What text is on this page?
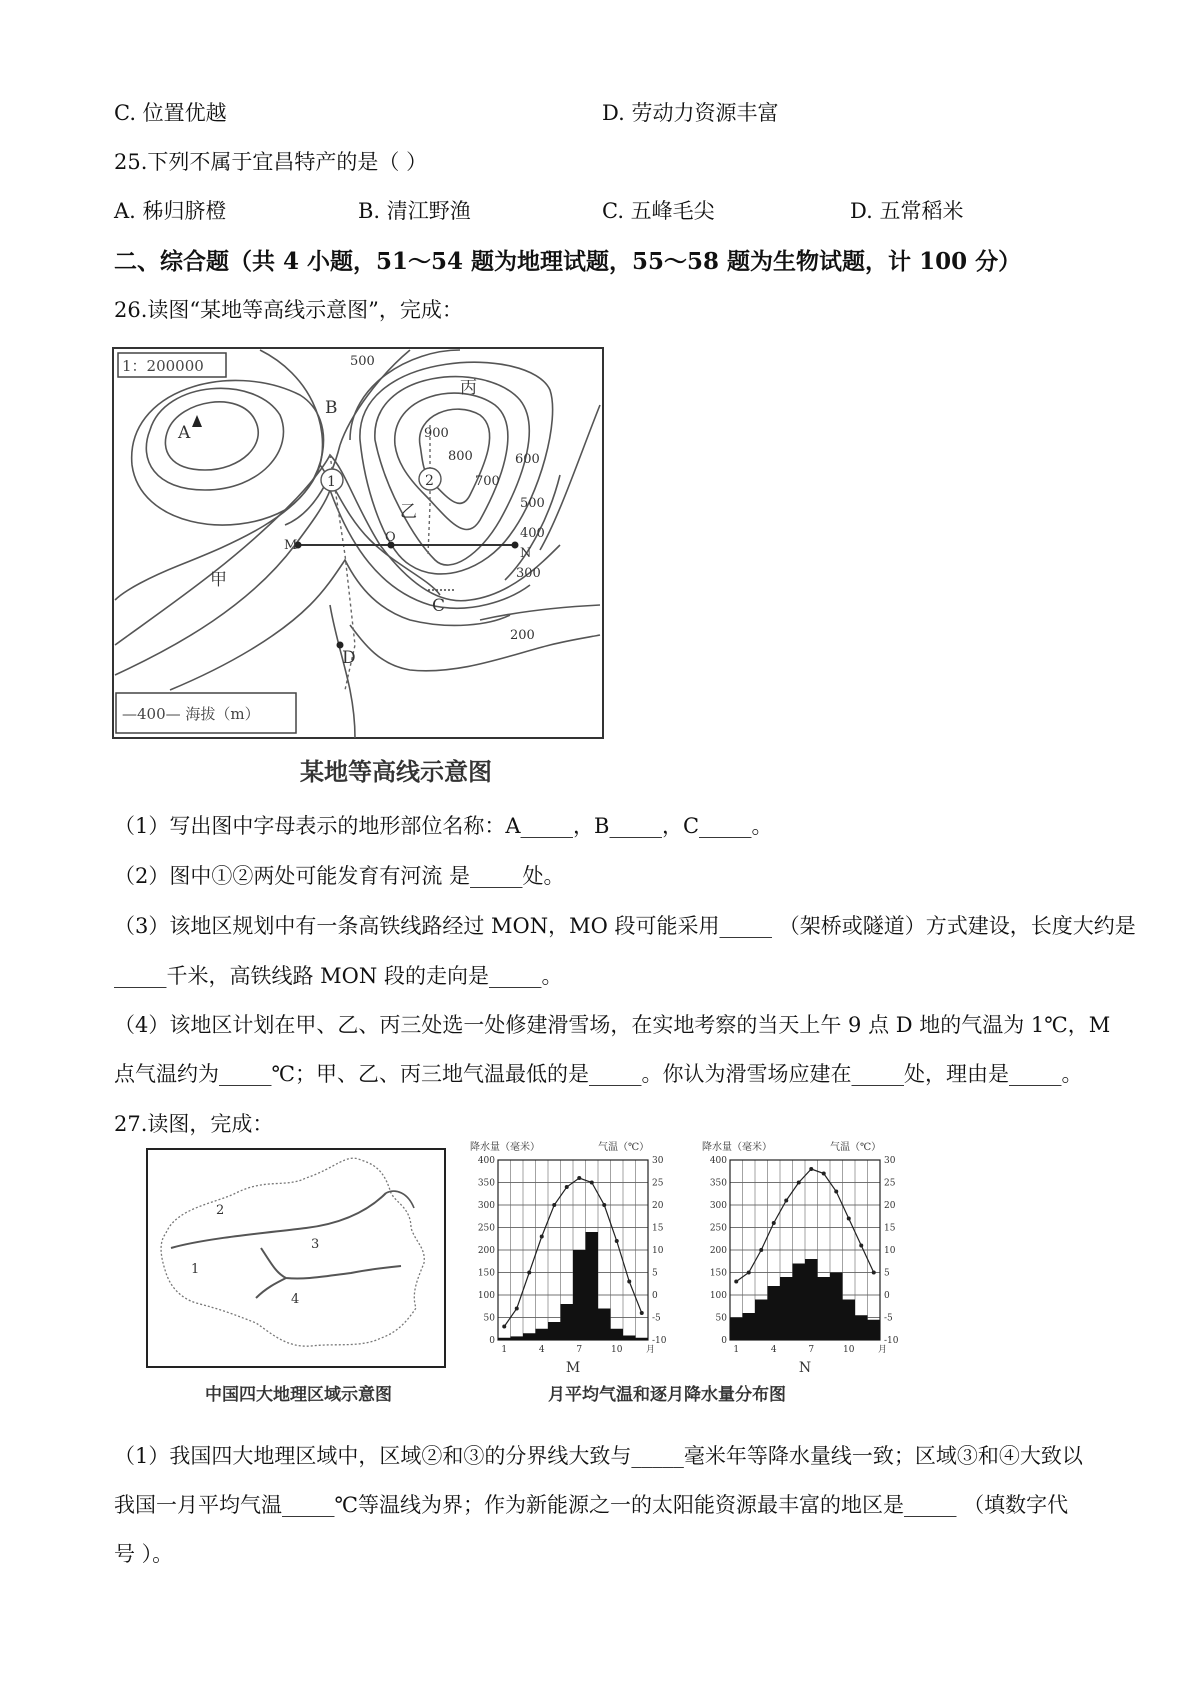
C. 位置优越	D. 劳动力资源丰富
25.下列不属于宜昌特产的是（ ）
A. 秭归脐橙	B. 清江野渔	C. 五峰毛尖	D. 五常稻米
二、综合题（共 4 小题，51～54 题为地理试题，55～58 题为生物试题，计 100 分）
26.读图“某地等高线示意图”，完成：
1：200000
—400— 海拔（m）
A
B
C
D
M
O
N
甲
乙
丙
1	2
500
900
800
700
600
500
400
300
200
某地等高线示意图
（1）写出图中字母表示的地形部位名称：A_____，B_____，C_____。
（2）图中①②两处可能发育有河流 是_____处。
（3）该地区规划中有一条高铁线路经过 MON，MO 段可能采用_____ （架桥或隧道）方式建设，长度大约是
_____千米，高铁线路 MON 段的走向是_____。
（4）该地区计划在甲、乙、丙三处选一处修建滑雪场，在实地考察的当天上午 9 点 D 地的气温为 1℃，M
点气温约为_____℃；甲、乙、丙三地气温最低的是_____。你认为滑雪场应建在_____处，理由是_____。
27.读图，完成：
1
2
3
4
中国四大地理区域示意图
降水量（毫米）	气温（℃）
0
50
100
150
200
250
300
350
400
-10
-5
0
5
10
15
20
25
30
1	4	7	10	月
M
降水量（毫米）	气温（℃）
0
50
100
150
200
250
300
350
400
-10
-5
0
5
10
15
20
25
30
1	4	7	10	月
N
月平均气温和逐月降水量分布图
（1）我国四大地理区域中，区域②和③的分界线大致与_____毫米年等降水量线一致；区域③和④大致以
我国一月平均气温_____℃等温线为界；作为新能源之一的太阳能资源最丰富的地区是_____ （填数字代
号 ）。
